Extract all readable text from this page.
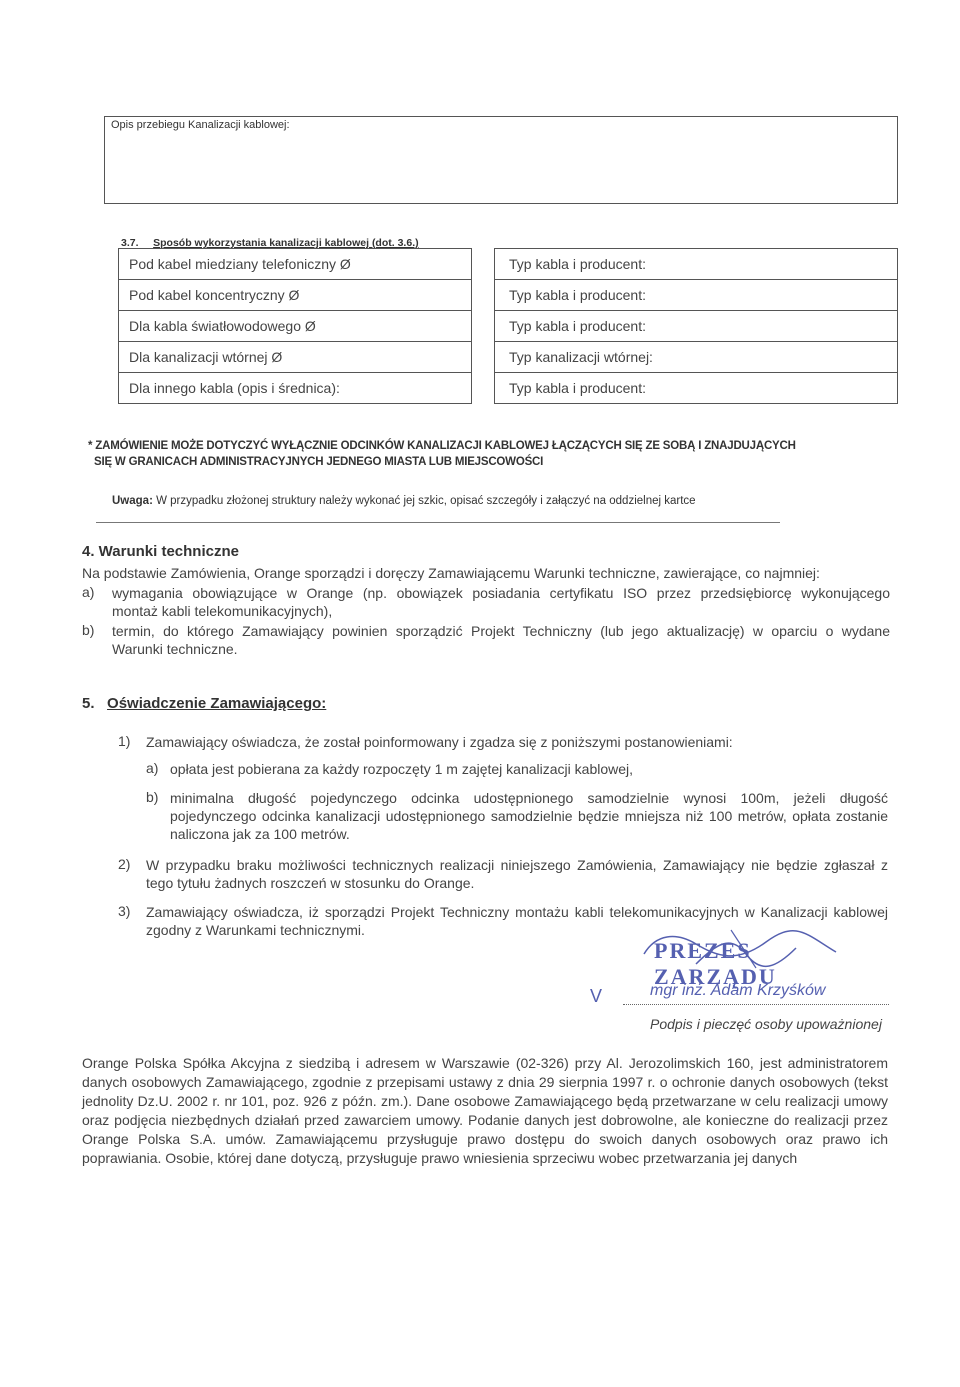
Opis przebiegu Kanalizacji kablowej:
3.7. Sposób wykorzystania kanalizacji kablowej (dot. 3.6.)
Pod kabel miedziany telefoniczny Ø		Typ kabla i producent:
Pod kabel koncentryczny Ø		Typ kabla i producent:
Dla kabla światłowodowego Ø		Typ kabla i producent:
Dla kanalizacji wtórnej Ø		Typ kanalizacji wtórnej:
Dla innego kabla (opis i średnica):		Typ kabla i producent:
* ZAMÓWIENIE MOŻE DOTYCZYĆ WYŁĄCZNIE ODCINKÓW KANALIZACJI KABLOWEJ ŁĄCZĄCYCH SIĘ ZE SOBĄ I ZNAJDUJĄCYCH
SIĘ W GRANICACH ADMINISTRACYJNYCH JEDNEGO MIASTA LUB MIEJSCOWOŚCI
Uwaga: W przypadku złożonej struktury należy wykonać jej szkic, opisać szczegóły i załączyć na oddzielnej kartce
4. Warunki techniczne
Na podstawie Zamówienia, Orange sporządzi i doręczy Zamawiającemu Warunki techniczne, zawierające, co najmniej:
a) wymagania obowiązujące w Orange (np. obowiązek posiadania certyfikatu ISO przez przedsiębiorcę wykonującego
montaż kabli telekomunikacyjnych),
b) termin, do którego Zamawiający powinien sporządzić Projekt Techniczny (lub jego aktualizację) w oparciu o wydane
Warunki techniczne.
5. Oświadczenie Zamawiającego:
1) Zamawiający oświadcza, że został poinformowany i zgadza się z poniższymi postanowieniami:
a) opłata jest pobierana za każdy rozpoczęty 1 m zajętej kanalizacji kablowej,
b) minimalna długość pojedynczego odcinka udostępnionego samodzielnie wynosi 100m, jeżeli długość
pojedynczego odcinka kanalizacji udostępnionego samodzielnie będzie mniejsza niż 100 metrów, opłata zostanie
naliczona jak za 100 metrów.
2) W przypadku braku możliwości technicznych realizacji niniejszego Zamówienia, Zamawiający nie będzie zgłaszał z
tego tytułu żadnych roszczeń w stosunku do Orange.
3) Zamawiający oświadcza, iż sporządzi Projekt Techniczny montażu kabli telekomunikacyjnych w Kanalizacji kablowej
zgodny z Warunkami technicznymi.
PREZES ZARZĄDU
V	mgr inż. Adam Krzyśków
Podpis i pieczęć osoby upoważnionej
Orange Polska Spółka Akcyjna z siedzibą i adresem w Warszawie (02-326) przy Al. Jerozolimskich 160, jest administratorem danych osobowych Zamawiającego, zgodnie z przepisami ustawy z dnia 29 sierpnia 1997 r. o ochronie danych osobowych (tekst jednolity Dz.U. 2002 r. nr 101, poz. 926 z późn. zm.). Dane osobowe Zamawiającego będą przetwarzane w celu realizacji umowy oraz podjęcia niezbędnych działań przed zawarciem umowy. Podanie danych jest dobrowolne, ale konieczne do realizacji przez Orange Polska S.A. umów. Zamawiającemu przysługuje prawo dostępu do swoich danych osobowych oraz prawo ich poprawiania. Osobie, której dane dotyczą, przysługuje prawo wniesienia sprzeciwu wobec przetwarzania jej danych
